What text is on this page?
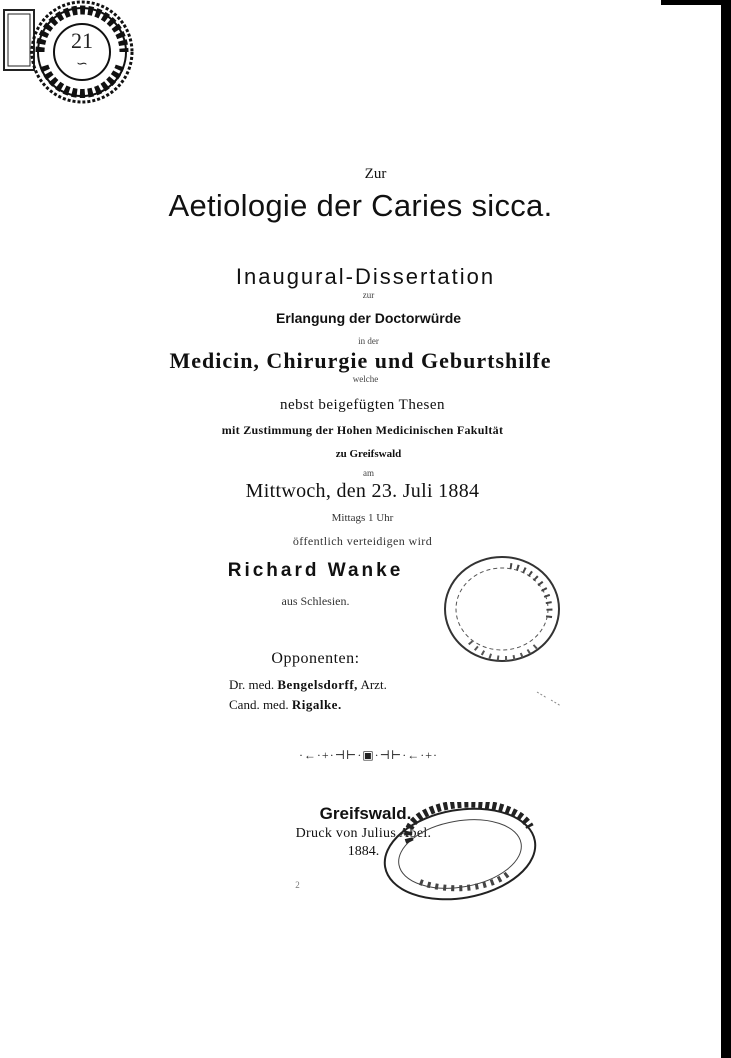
21
∽
Zur
Aetiologie der Caries sicca.
Inaugural-Dissertation
zur
Erlangung der Doctorwürde
in der
Medicin, Chirurgie und Geburtshilfe
welche
nebst beigefügten Thesen
mit Zustimmung der Hohen Medicinischen Fakultät
zu Greifswald
am
Mittwoch, den 23. Juli 1884
Mittags 1 Uhr
öffentlich verteidigen wird
Richard Wanke
aus Schlesien.
Opponenten:
Dr. med. Bengelsdorff, Arzt.
Cand. med. Rigalke.
·←·+·⊣⊢·▣·⊣⊢·←·+·
Greifswald.
Druck von Julius Abel.
1884.
2
